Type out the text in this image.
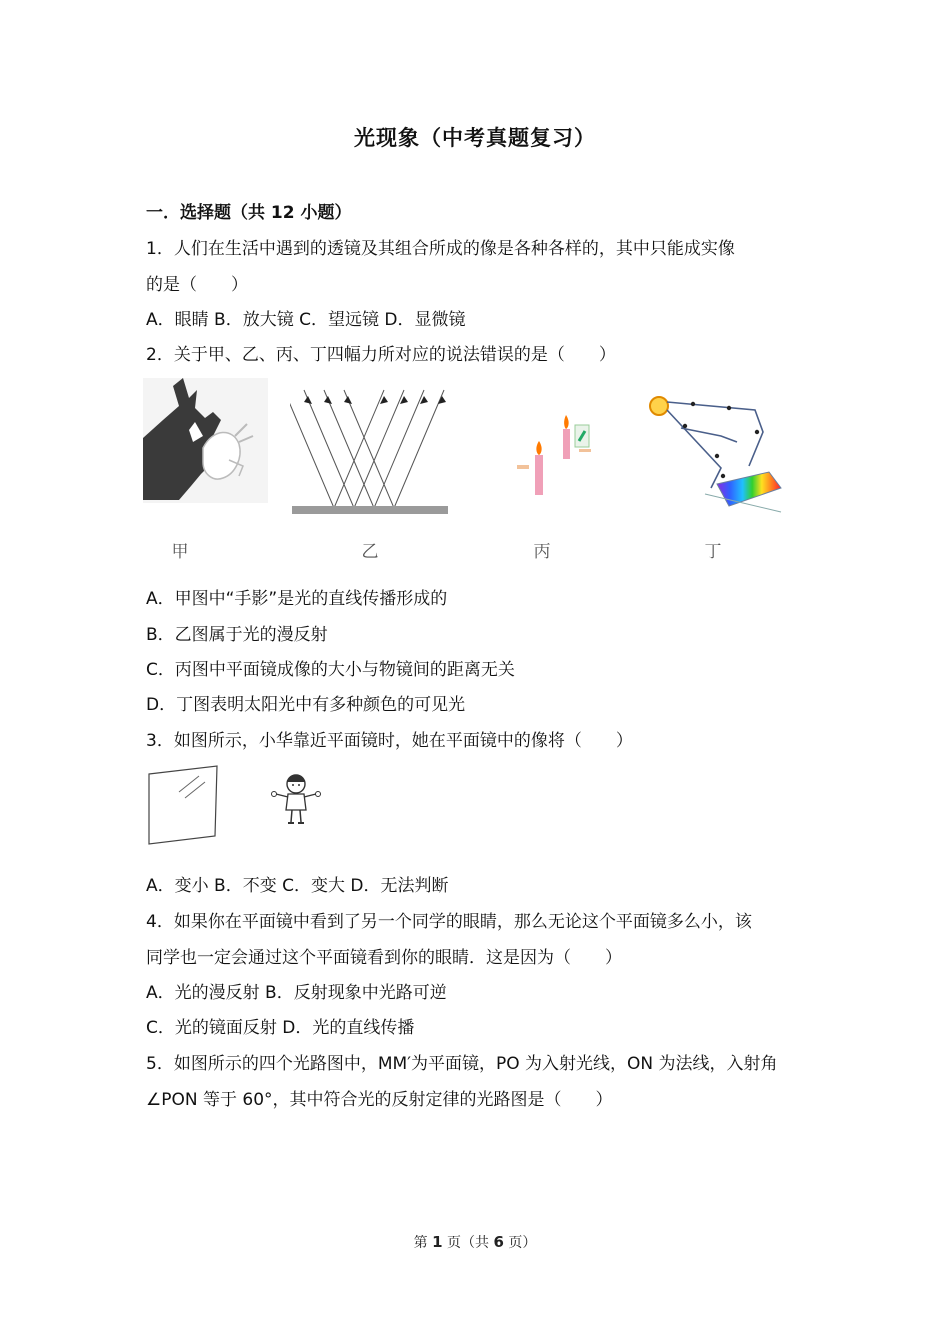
光现象（中考真题复习）
一．选择题（共 12 小题）
1．人们在生活中遇到的透镜及其组合所成的像是各种各样的，其中只能成实像
的是（　　）
A．眼睛 B．放大镜 C．望远镜 D．显微镜
2．关于甲、乙、丙、丁四幅力所对应的说法错误的是（　　）
甲	乙	丙	丁
A．甲图中“手影”是光的直线传播形成的
B．乙图属于光的漫反射
C．丙图中平面镜成像的大小与物镜间的距离无关
D．丁图表明太阳光中有多种颜色的可见光
3．如图所示，小华靠近平面镜时，她在平面镜中的像将（　　）
A．变小 B．不变 C．变大 D．无法判断
4．如果你在平面镜中看到了另一个同学的眼睛，那么无论这个平面镜多么小，该
同学也一定会通过这个平面镜看到你的眼睛．这是因为（　　）
A．光的漫反射 B．反射现象中光路可逆
C．光的镜面反射 D．光的直线传播
5．如图所示的四个光路图中，MM′为平面镜，PO 为入射光线，ON 为法线，入射角
∠PON 等于 60°，其中符合光的反射定律的光路图是（　　）
第 1 页（共 6 页）
